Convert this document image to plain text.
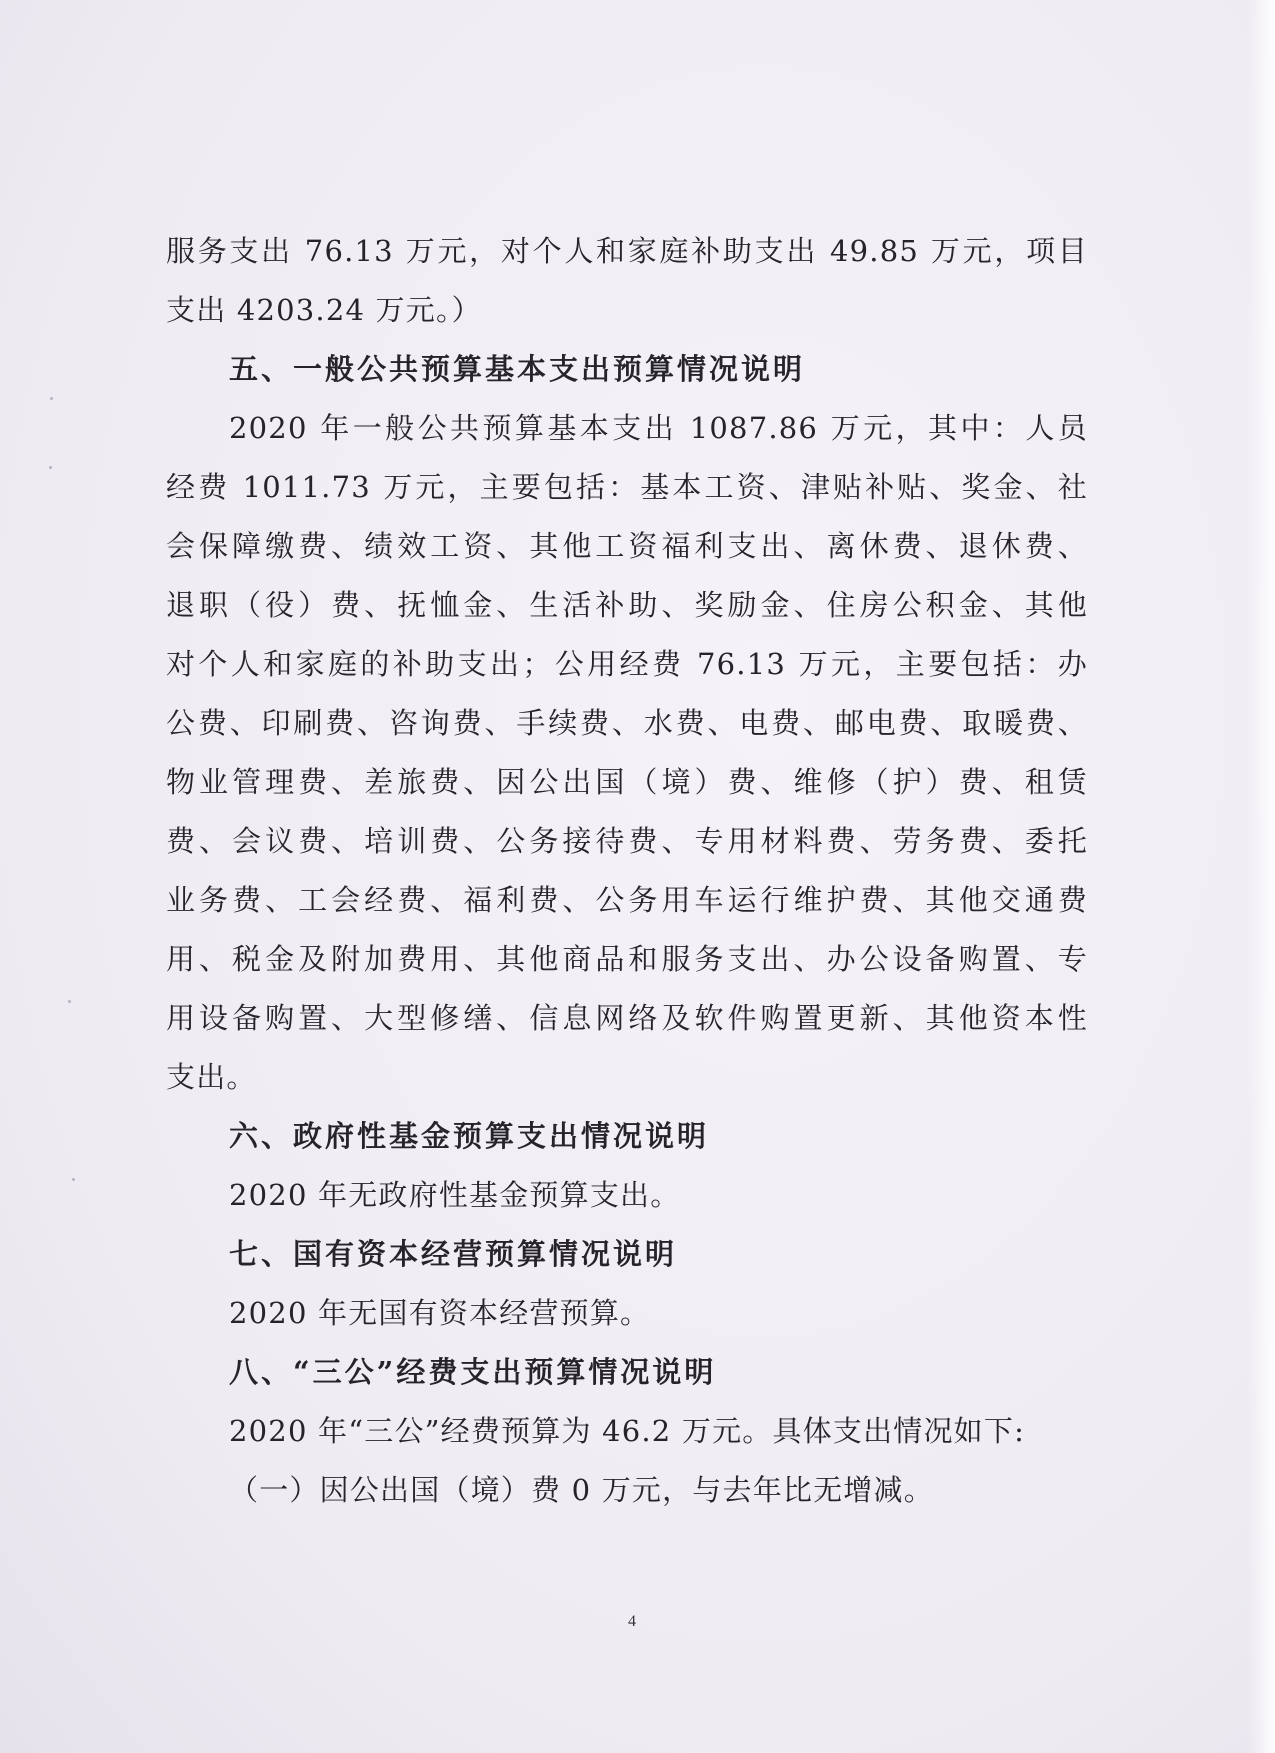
服务支出 76.13 万元，对个人和家庭补助支出 49.85 万元，项目
支出 4203.24 万元。）
五、一般公共预算基本支出预算情况说明
2020 年一般公共预算基本支出 1087.86 万元，其中：人员
经费 1011.73 万元，主要包括：基本工资、津贴补贴、奖金、社
会保障缴费、绩效工资、其他工资福利支出、离休费、退休费、
退职（役）费、抚恤金、生活补助、奖励金、住房公积金、其他
对个人和家庭的补助支出；公用经费 76.13 万元，主要包括：办
公费、印刷费、咨询费、手续费、水费、电费、邮电费、取暖费、
物业管理费、差旅费、因公出国（境）费、维修（护）费、租赁
费、会议费、培训费、公务接待费、专用材料费、劳务费、委托
业务费、工会经费、福利费、公务用车运行维护费、其他交通费
用、税金及附加费用、其他商品和服务支出、办公设备购置、专
用设备购置、大型修缮、信息网络及软件购置更新、其他资本性
支出。
六、政府性基金预算支出情况说明
2020 年无政府性基金预算支出。
七、国有资本经营预算情况说明
2020 年无国有资本经营预算。
八、“三公”经费支出预算情况说明
2020 年“三公”经费预算为 46.2 万元。具体支出情况如下:
（一）因公出国（境）费 0 万元，与去年比无增减。
4
